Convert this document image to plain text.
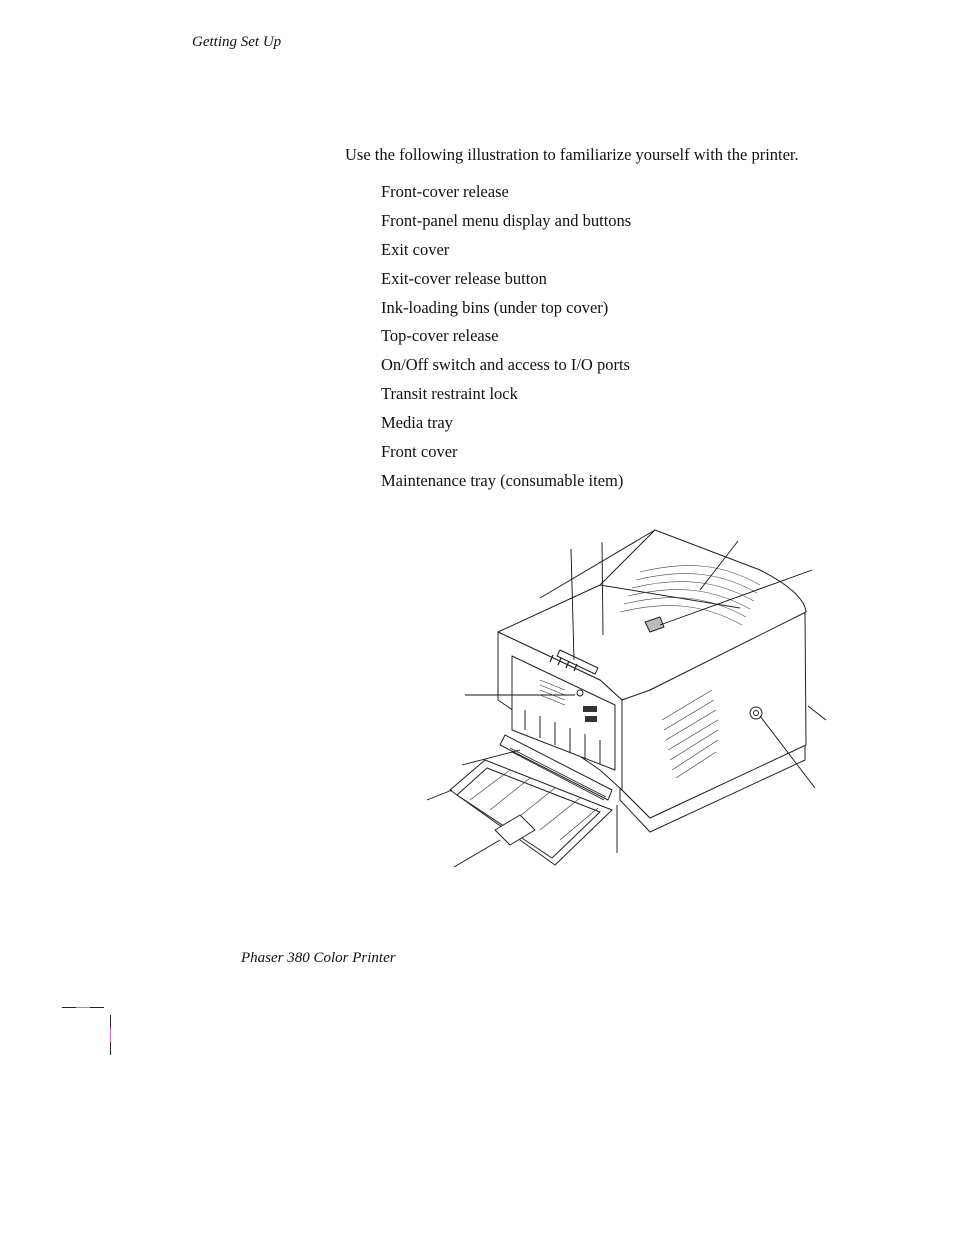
Getting Set Up
Use the following illustration to familiarize yourself with the printer.
Front-cover release
Front-panel menu display and buttons
Exit cover
Exit-cover release button
Ink-loading bins (under top cover)
Top-cover release
On/Off switch and access to I/O ports
Transit restraint lock
Media tray
Front cover
Maintenance tray (consumable item)
Phaser 380 Color Printer
